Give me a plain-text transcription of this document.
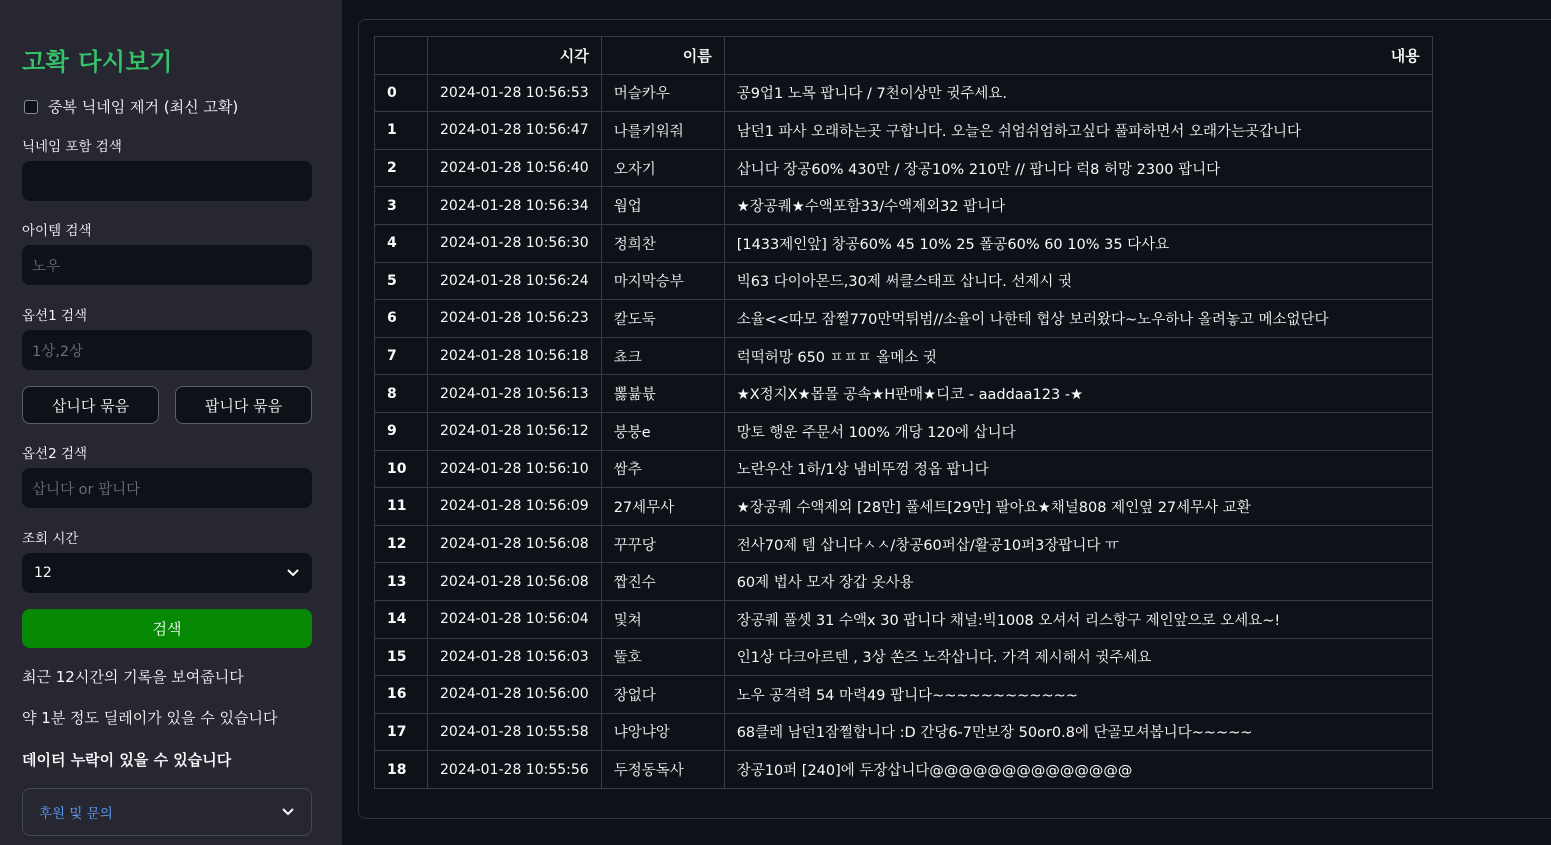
고확 다시보기
중복 닉네임 제거 (최신 고확)
닉네임 포함 검색
아이템 검색
노우
옵션1 검색
1상,2상
삽니다 묶음	팝니다 묶음
옵션2 검색
삽니다 or 팝니다
조회 시간
12
검색
최근 12시간의 기록을 보여줍니다
약 1분 정도 딜레이가 있을 수 있습니다
데이터 누락이 있을 수 있습니다
후원 및 문의
	시각	이름	내용
0	2024-01-28 10:56:53	머슬카우	공9업1 노목 팝니다 / 7천이상만 귓주세요.
1	2024-01-28 10:56:47	나를키워줘	남던1 파사 오래하는곳 구합니다. 오늘은 쉬엄쉬엄하고싶다 풀파하면서 오래가는곳갑니다
2	2024-01-28 10:56:40	오자기	삽니다 장공60% 430만 / 장공10% 210만 // 팝니다 럭8 허망 2300 팝니다
3	2024-01-28 10:56:34	웜업	★장공퀘★수액포함33/수액제외32 팝니다
4	2024-01-28 10:56:30	정희찬	[1433제인앞] 창공60% 45 10% 25 폴공60% 60 10% 35 다사요
5	2024-01-28 10:56:24	마지막승부	빅63 다이아몬드,30제 써클스태프 삽니다. 선제시 귓
6	2024-01-28 10:56:23	칼도둑	소율<<따모 잠쩔770만먹튀범//소율이 나한테 협상 보러왔다~노우하나 올려놓고 메소없단다
7	2024-01-28 10:56:18	쵸크	럭떡허망 650 ㅍㅍㅍ 올메소 귓
8	2024-01-28 10:56:13	뽏뷺뷳	★X정지X★몹몰 공속★H판매★디코 - aaddaa123 -★
9	2024-01-28 10:56:12	붕붕e	망토 행운 주문서 100% 개당 120에 삽니다
10	2024-01-28 10:56:10	쌈추	노란우산 1하/1상 냄비뚜껑 정옵 팝니다
11	2024-01-28 10:56:09	27세무사	★장공퀘 수액제외 [28만] 풀세트[29만] 팔아요★채널808 제인옆 27세무사 교환
12	2024-01-28 10:56:08	꾸꾸당	전사70제 템 삽니다ㅅㅅ/창공60퍼삽/활공10퍼3장팝니다 ㅠ
13	2024-01-28 10:56:08	짭진수	60제 법사 모자 장갑 옷사용
14	2024-01-28 10:56:04	및쳐	장공퀘 풀셋 31 수액x 30 팝니다 채널:빅1008 오셔서 리스항구 제인앞으로 오세요~!
15	2024-01-28 10:56:03	뚤호	인1상 다크아르텐 , 3상 쏜즈 노작삽니다. 가격 제시해서 귓주세요
16	2024-01-28 10:56:00	장없다	노우 공격력 54 마력49 팝니다~~~~~~~~~~~~
17	2024-01-28 10:55:58	냐앙냐앙	68클레 남던1잠쩔합니다 :D 간당6-7만보장 50or0.8에 단골모셔봅니다~~~~~
18	2024-01-28 10:55:56	두정동독사	장공10퍼 [240]에 두장삽니다@@@@@@@@@@@@@@
